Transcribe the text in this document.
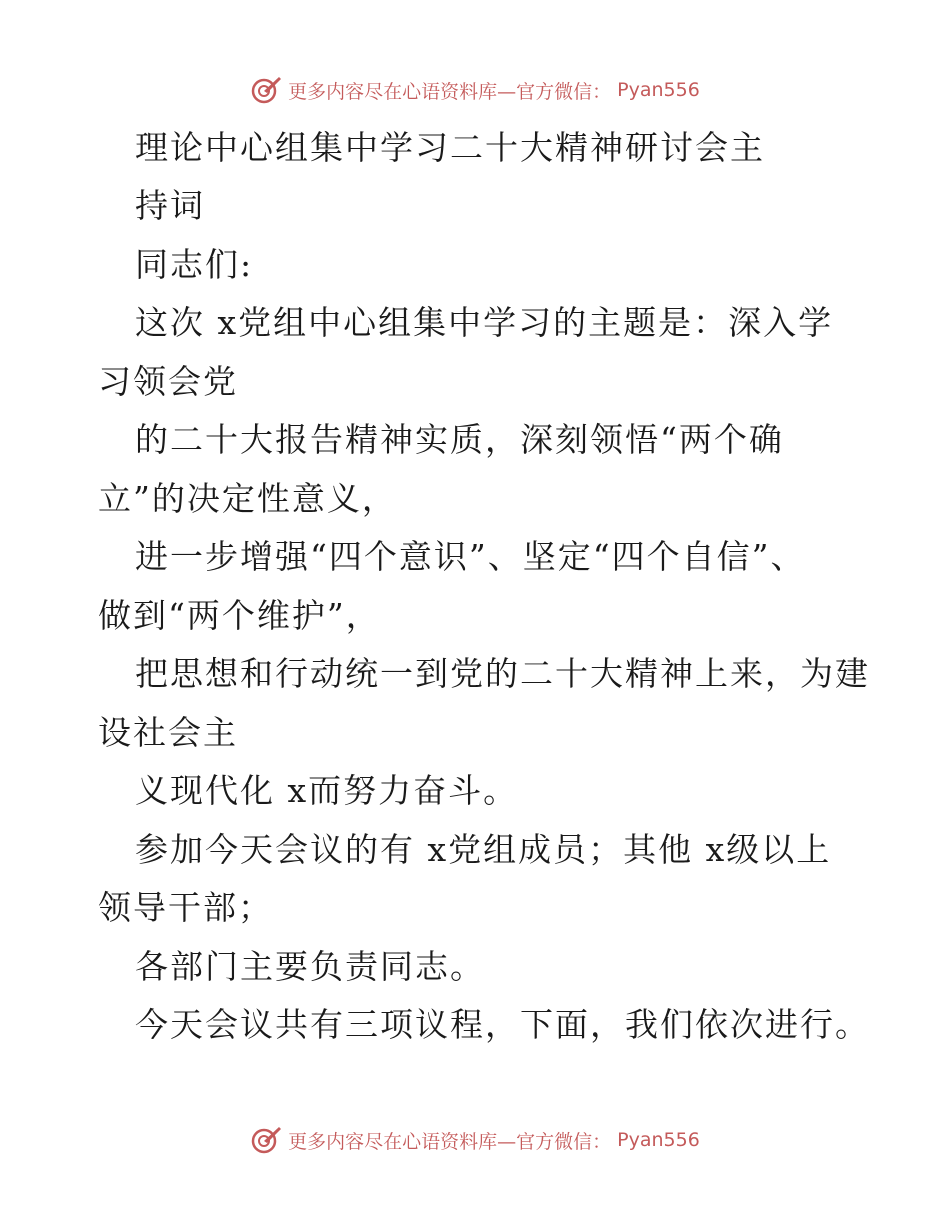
更多内容尽在心语资料库—官方微信： Pyan556
理论中心组集中学习二十大精神研讨会主
持词
同志们:
这次 x党组中心组集中学习的主题是：深入学
习领会党
的二十大报告精神实质，深刻领悟“两个确
立”的决定性意义，
进一步增强“四个意识”、坚定“四个自信”、
做到“两个维护”，
把思想和行动统一到党的二十大精神上来，为建
设社会主
义现代化 x而努力奋斗。
参加今天会议的有 x党组成员；其他 x级以上
领导干部；
各部门主要负责同志。
今天会议共有三项议程，下面，我们依次进行。
更多内容尽在心语资料库—官方微信： Pyan556
